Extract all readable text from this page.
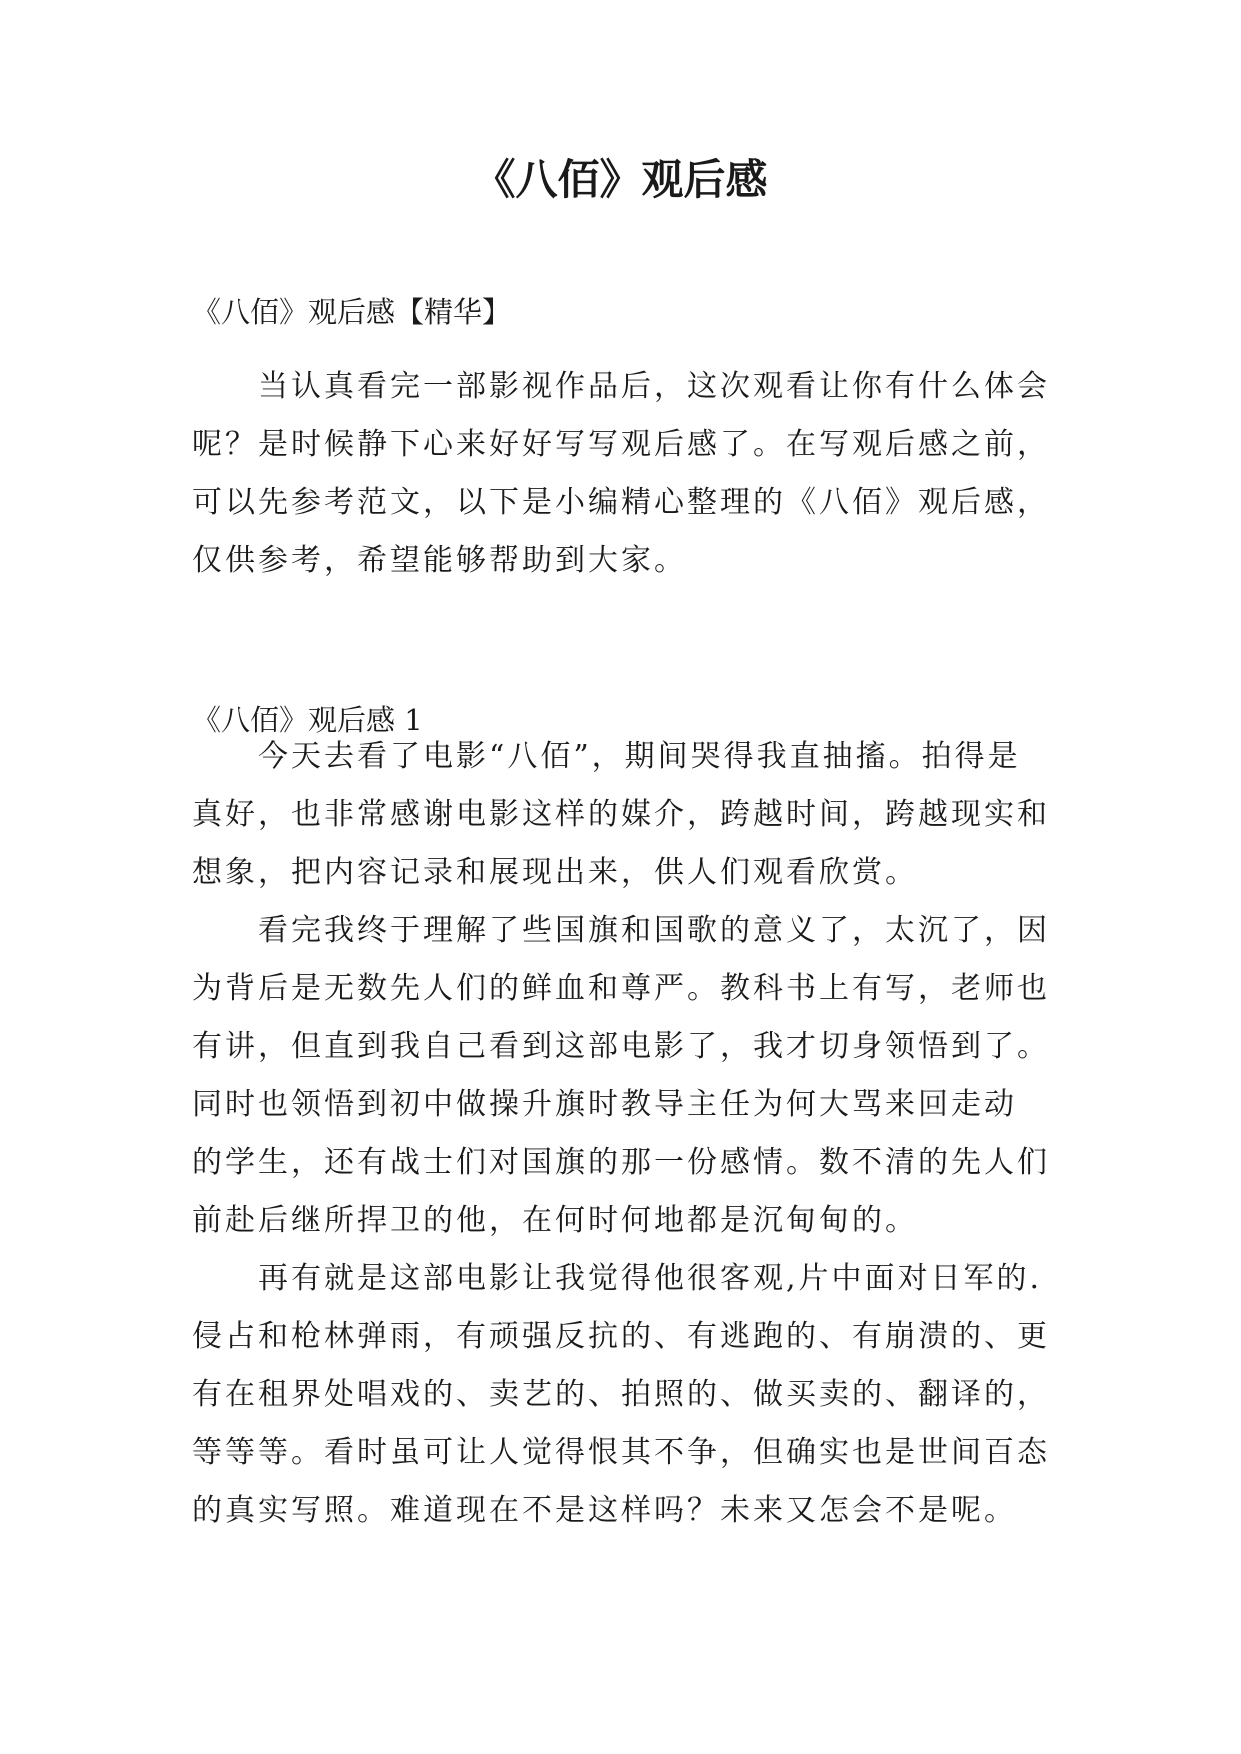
《八佰》观后感

《八佰》观后感【精华】

当认真看完一部影视作品后，这次观看让你有什么体会
呢？是时候静下心来好好写写观后感了。在写观后感之前，
可以先参考范文，以下是小编精心整理的《八佰》观后感，
仅供参考，希望能够帮助到大家。

《八佰》观后感 1

今天去看了电影“八佰”，期间哭得我直抽搐。拍得是
真好，也非常感谢电影这样的媒介，跨越时间，跨越现实和
想象，把内容记录和展现出来，供人们观看欣赏。
看完我终于理解了些国旗和国歌的意义了，太沉了，因
为背后是无数先人们的鲜血和尊严。教科书上有写，老师也
有讲，但直到我自己看到这部电影了，我才切身领悟到了。
同时也领悟到初中做操升旗时教导主任为何大骂来回走动
的学生，还有战士们对国旗的那一份感情。数不清的先人们
前赴后继所捍卫的他，在何时何地都是沉甸甸的。
再有就是这部电影让我觉得他很客观,片中面对日军的.
侵占和枪林弹雨，有顽强反抗的、有逃跑的、有崩溃的、更
有在租界处唱戏的、卖艺的、拍照的、做买卖的、翻译的，
等等等。看时虽可让人觉得恨其不争，但确实也是世间百态
的真实写照。难道现在不是这样吗？未来又怎会不是呢。
